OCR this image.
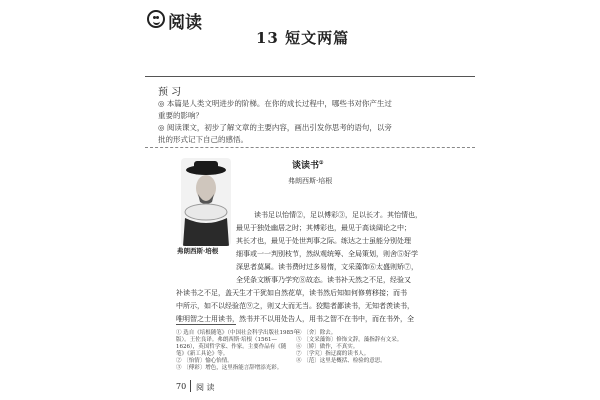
阅读
13 短文两篇
预 习
◎ 本篇是人类文明进步的阶梯。在你的成长过程中，哪些书对你产生过
重要的影响？
◎ 阅读课文，初步了解文章的主要内容，画出引发你思考的语句，以旁
批的形式记下自己的感悟。
弗朗西斯·培根
谈读书①
弗朗西斯·培根
读书足以怡情②，足以傅彩③，足以长才。其怡情也，
最见于独处幽居之时；其傅彩也，最见于高谈阔论之中；
其长才也，最见于处世判事之际。练达之士虽能分别处理
细事或一一判别枝节，然纵观统筹、全局策划，则舍⑤好学
深思者莫属。读书费时过多易惰，文采藻饰⑥太盛则矫⑦，
全凭条文断事乃学究⑧故态。读书补天然之不足，经验又
补读书之不足，盖天生才干犹如自然花草，读书然后知如何修剪移接；而书
中所示，如不以经验范⑨之，则又大而无当。狡黠者鄙读书，无知者羡读书，
唯明智之士用读书，然书并不以用处告人，用书之智不在书中，而在书外，全
① 选自《培根随笔》（中国社会科学出版社1985年
版）。王佐良译。弗朗西斯·培根（1561—
1626），英国哲学家、作家。主要作品有《随
笔》《新工具论》等。
② 〔怡情〕愉心怡情。
③ 〔傅彩〕增色，这里指能言辞增添光彩。
④ 〔舍〕除去。
⑤ 〔文采藻饰〕修饰文辞。藻指辞有文采。
⑥ 〔矫〕做作，不真实。
⑦ 〔学究〕指迂腐的读书人。
⑧ 〔范〕这里是概括、检验的意思。
70 阅 读
